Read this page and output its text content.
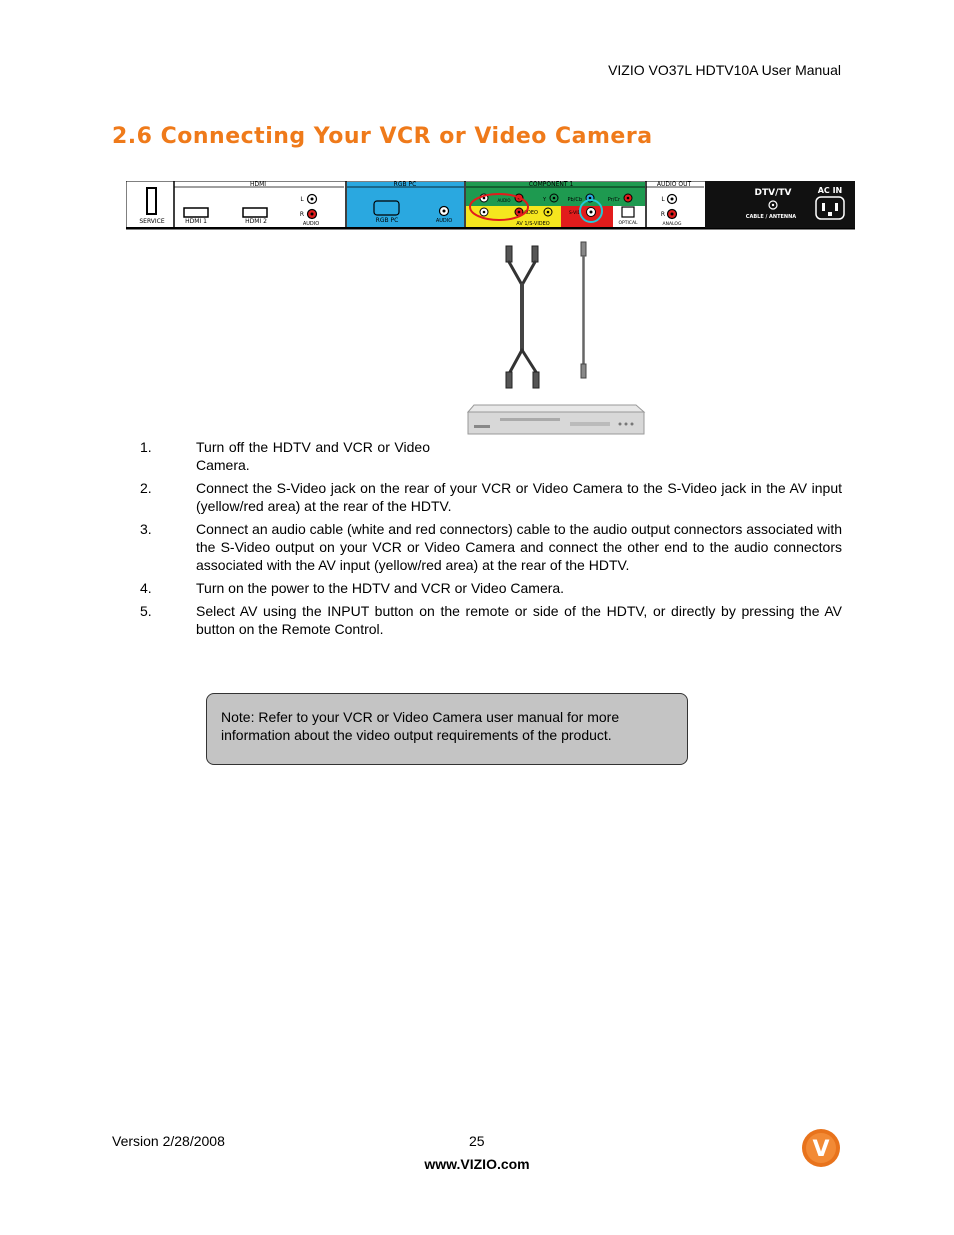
VIZIO VO37L HDTV10A User Manual
2.6 Connecting Your VCR or Video Camera
SERVICE
HDMI
HDMI 1	HDMI 2
L
R
AUDIO
RGB PC
RGB PC	AUDIO
COMPONENT 1
AUDIO	Y	Pb/Cb	Pr/Cr
VIDEO	S-VID
AV 1/S-VIDEO
AUDIO OUT
OPTICAL
L
R
ANALOG
DTV/TV
CABLE / ANTENNA
AC IN
1.	Turn off the HDTV and VCR or Video Camera.
2.	Connect the S-Video jack on the rear of your VCR or Video Camera to the S-Video jack in the AV input (yellow/red area) at the rear of the HDTV.
3.	Connect an audio cable (white and red connectors) cable to the audio output connectors associated with the S-Video output on your VCR or Video Camera and connect the other end to the audio connectors associated with the AV input (yellow/red area) at the rear of the HDTV.
4.	Turn on the power to the HDTV and VCR or Video Camera.
5.	Select AV using the INPUT button on the remote or side of the HDTV, or directly by pressing the AV button on the Remote Control.
Note: Refer to your VCR or Video Camera user manual for more information about the video output requirements of the product.
Version 2/28/2008	25
www.VIZIO.com
V
